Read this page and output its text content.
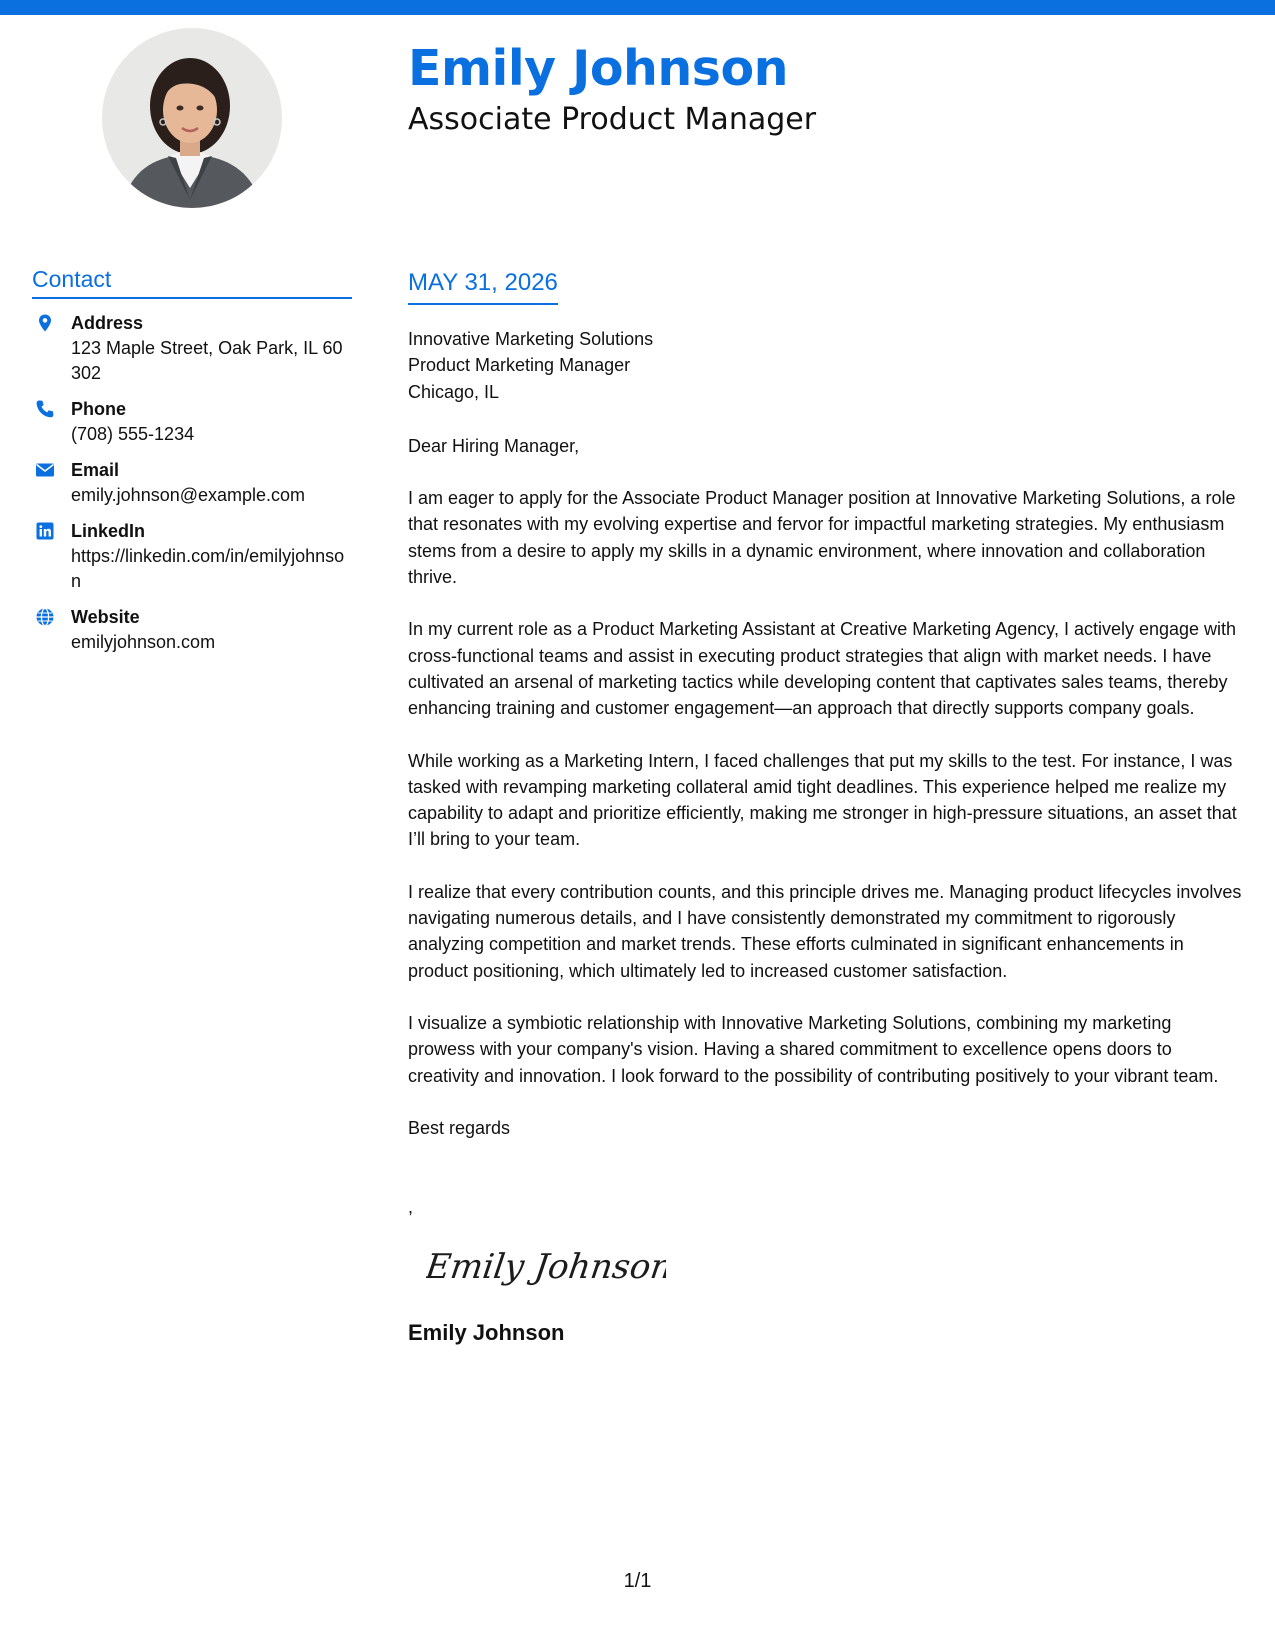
Emily Johnson
Associate Product Manager
Contact
Address
123 Maple Street, Oak Park, IL 60302
Phone
(708) 555-1234
Email
emily.johnson@example.com
LinkedIn
https://linkedin.com/in/emilyjohnson
Website
emilyjohnson.com
MAY 31, 2026
Innovative Marketing Solutions
Product Marketing Manager
Chicago, IL
Dear Hiring Manager,
I am eager to apply for the Associate Product Manager position at Innovative Marketing Solutions, a role that resonates with my evolving expertise and fervor for impactful marketing strategies. My enthusiasm stems from a desire to apply my skills in a dynamic environment, where innovation and collaboration thrive.
In my current role as a Product Marketing Assistant at Creative Marketing Agency, I actively engage with cross-functional teams and assist in executing product strategies that align with market needs. I have cultivated an arsenal of marketing tactics while developing content that captivates sales teams, thereby enhancing training and customer engagement—an approach that directly supports company goals.
While working as a Marketing Intern, I faced challenges that put my skills to the test. For instance, I was tasked with revamping marketing collateral amid tight deadlines. This experience helped me realize my capability to adapt and prioritize efficiently, making me stronger in high-pressure situations, an asset that I’ll bring to your team.
I realize that every contribution counts, and this principle drives me. Managing product lifecycles involves navigating numerous details, and I have consistently demonstrated my commitment to rigorously analyzing competition and market trends. These efforts culminated in significant enhancements in product positioning, which ultimately led to increased customer satisfaction.
I visualize a symbiotic relationship with Innovative Marketing Solutions, combining my marketing prowess with your company's vision. Having a shared commitment to excellence opens doors to creativity and innovation. I look forward to the possibility of contributing positively to your vibrant team.
Best regards
,
Emily Johnson
Emily Johnson
1/1
